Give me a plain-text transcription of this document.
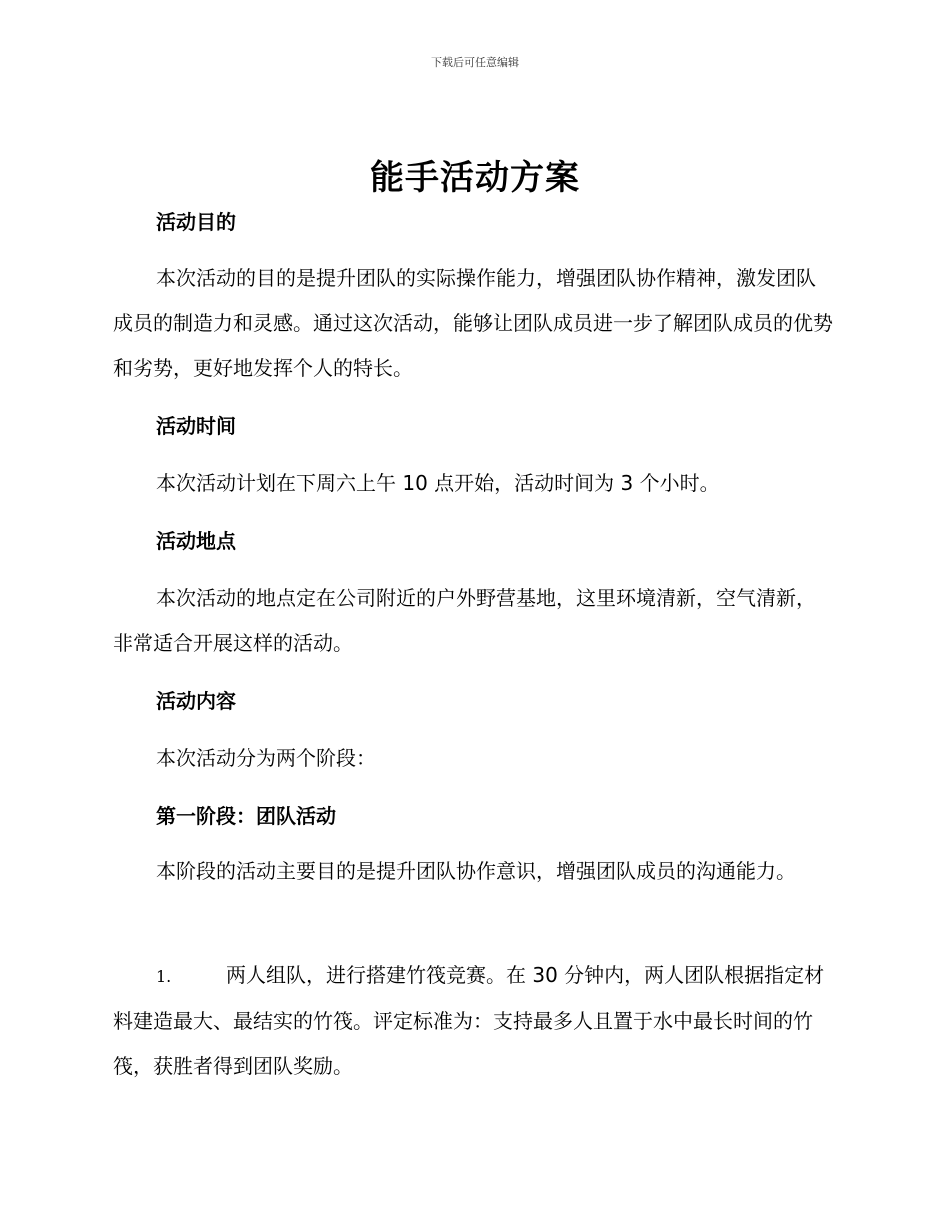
下载后可任意编辑
能手活动方案
活动目的
本次活动的目的是提升团队的实际操作能力，增强团队协作精神，激发团队成员的制造力和灵感。通过这次活动，能够让团队成员进一步了解团队成员的优势和劣势，更好地发挥个人的特长。
活动时间
本次活动计划在下周六上午 10 点开始，活动时间为 3 个小时。
活动地点
本次活动的地点定在公司附近的户外野营基地，这里环境清新，空气清新，非常适合开展这样的活动。
活动内容
本次活动分为两个阶段：
第一阶段：团队活动
本阶段的活动主要目的是提升团队协作意识，增强团队成员的沟通能力。
1.	两人组队，进行搭建竹筏竞赛。在 30 分钟内，两人团队根据指定材料建造最大、最结实的竹筏。评定标准为：支持最多人且置于水中最长时间的竹筏，获胜者得到团队奖励。
